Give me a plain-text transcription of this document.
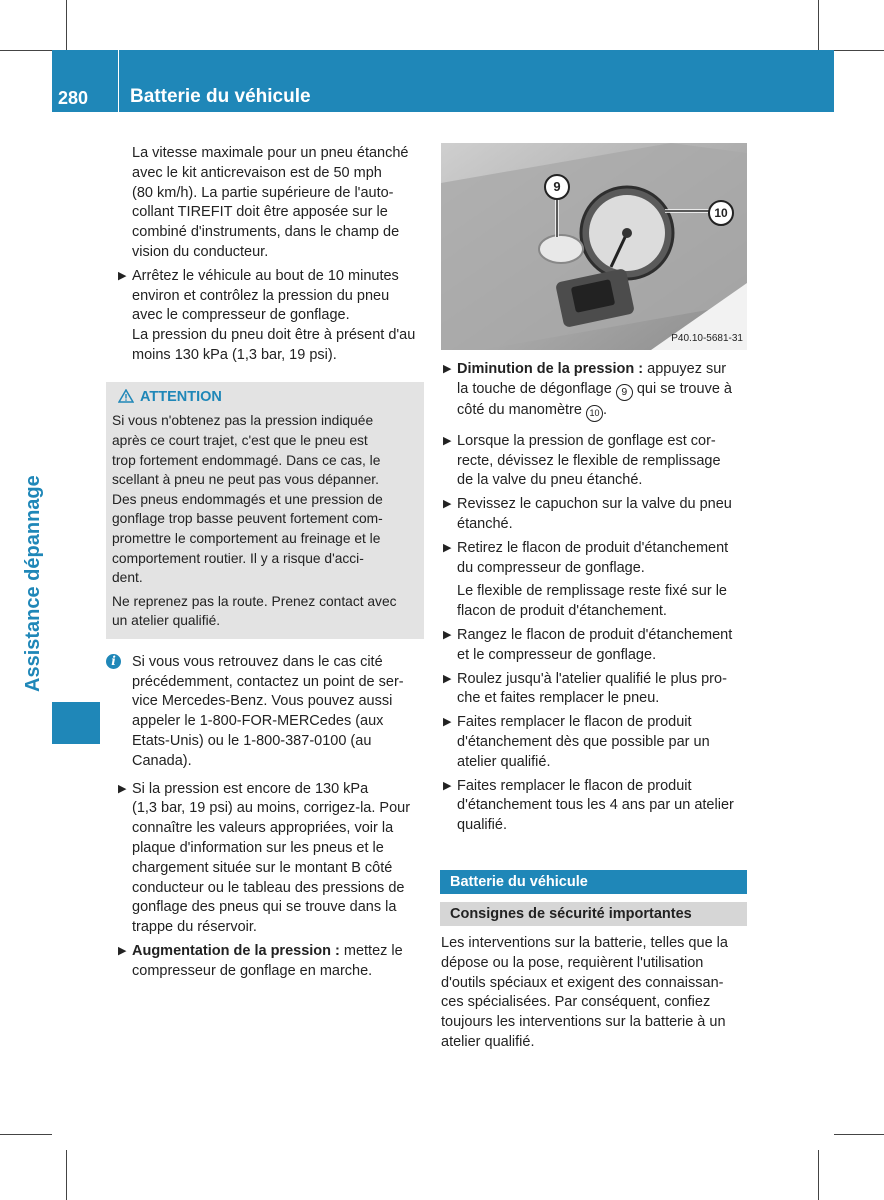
280	Batterie du véhicule
Assistance dépannage

La vitesse maximale pour un pneu étanché

avec le kit anticrevaison est de 50 mph

(80 km/h). La partie supérieure de l'auto-

collant TIREFIT doit être apposée sur le

combiné d'instruments, dans le champ de

vision du conducteur.

▶

Arrêtez le véhicule au bout de 10 minutes

environ et contrôlez la pression du pneu

avec le compresseur de gonflage.

La pression du pneu doit être à présent d'au

moins 130 kPa (1,3 bar, 19 psi).

ATTENTION

Si vous n'obtenez pas la pression indiquée

après ce court trajet, c'est que le pneu est

trop fortement endommagé. Dans ce cas, le

scellant à pneu ne peut pas vous dépanner.

Des pneus endommagés et une pression de

gonflage trop basse peuvent fortement com-

promettre le comportement au freinage et le

comportement routier. Il y a risque d'acci-

dent.

Ne reprenez pas la route. Prenez contact avec

un atelier qualifié.

i	Si vous vous retrouvez dans le cas cité

précédemment, contactez un point de ser-

vice Mercedes-Benz. Vous pouvez aussi

appeler le 1-800-FOR-MERCedes (aux

Etats-Unis) ou le 1-800-387-0100 (au

Canada).

▶

Si la pression est encore de 130 kPa

(1,3 bar, 19 psi) au moins, corrigez-la. Pour

connaître les valeurs appropriées, voir la

plaque d'information sur les pneus et le

chargement située sur le montant B côté

conducteur ou le tableau des pressions de

gonflage des pneus qui se trouve dans la

trappe du réservoir.

▶

Augmentation de la pression : mettez le

compresseur de gonflage en marche.

9
10
P40.10-5681-31
▶

Diminution de la pression : appuyez sur

la touche de dégonflage 9 qui se trouve à

côté du manomètre 10 .

▶

Lorsque la pression de gonflage est cor-

recte, dévissez le flexible de remplissage

de la valve du pneu étanché.

▶

Revissez le capuchon sur la valve du pneu

étanché.

▶

Retirez le flacon de produit d'étanchement

du compresseur de gonflage.

Le flexible de remplissage reste fixé sur le

flacon de produit d'étanchement.

▶

Rangez le flacon de produit d'étanchement

et le compresseur de gonflage.

▶

Roulez jusqu'à l'atelier qualifié le plus pro-

che et faites remplacer le pneu.

▶

Faites remplacer le flacon de produit

d'étanchement dès que possible par un

atelier qualifié.

▶

Faites remplacer le flacon de produit

d'étanchement tous les 4 ans par un atelier

qualifié.

Batterie du véhicule
Consignes de sécurité importantes

Les interventions sur la batterie, telles que la

dépose ou la pose, requièrent l'utilisation

d'outils spéciaux et exigent des connaissan-

ces spécialisées. Par conséquent, confiez

toujours les interventions sur la batterie à un

atelier qualifié.
